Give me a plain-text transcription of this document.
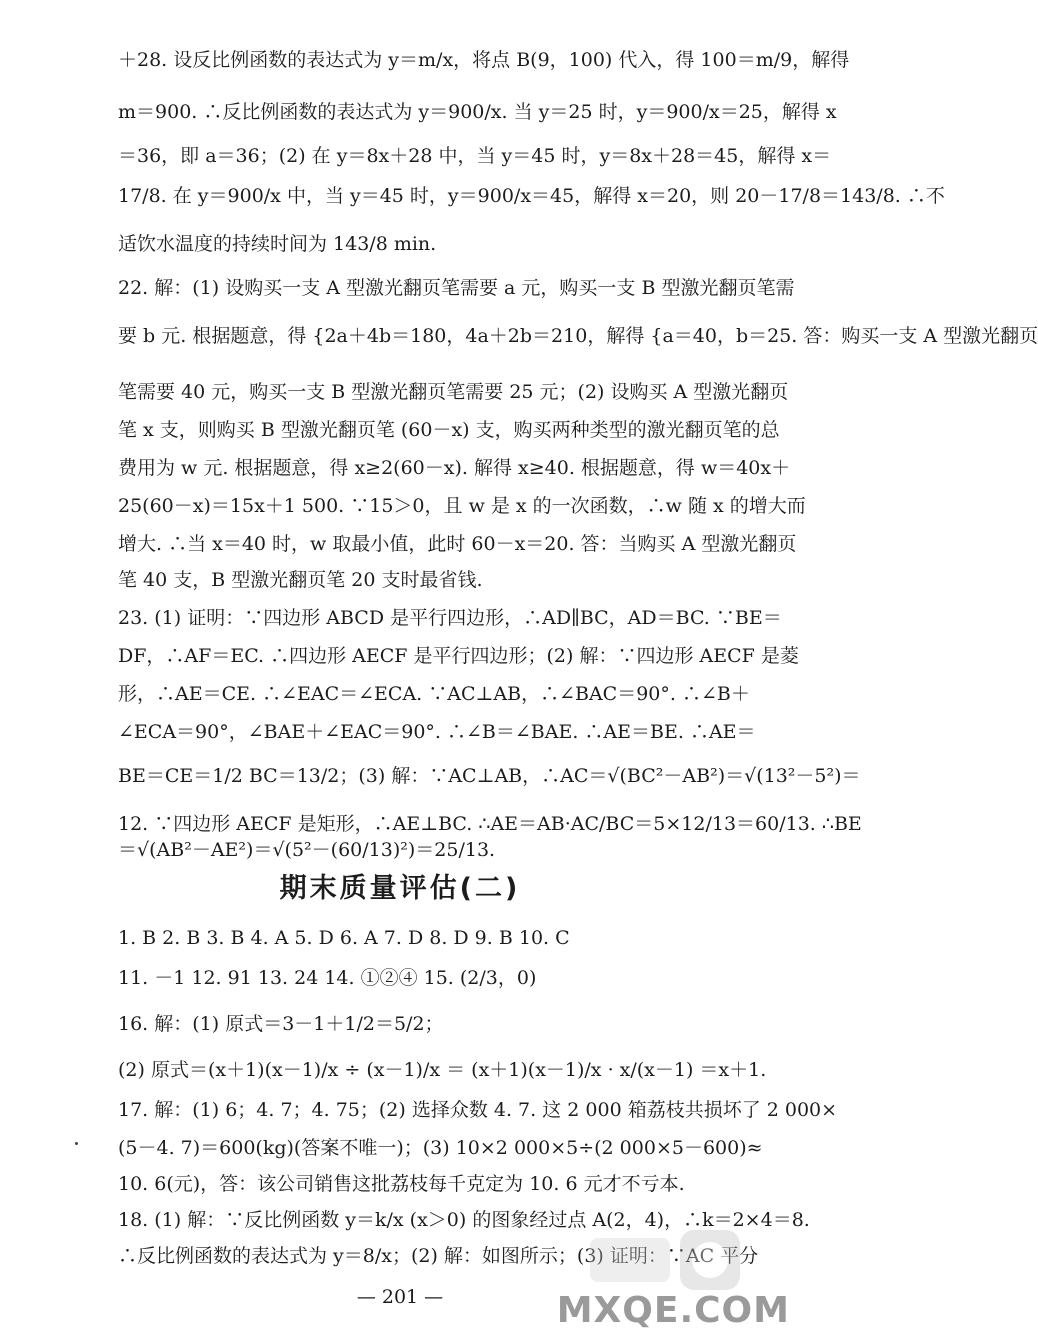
＋28. 设反比例函数的表达式为 y＝m/x，将点 B(9，100) 代入，得 100＝m/9，解得
m＝900. ∴反比例函数的表达式为 y＝900/x. 当 y＝25 时，y＝900/x＝25，解得 x
＝36，即 a＝36；(2) 在 y＝8x＋28 中，当 y＝45 时，y＝8x＋28＝45，解得 x＝
17/8. 在 y＝900/x 中，当 y＝45 时，y＝900/x＝45，解得 x＝20，则 20－17/8＝143/8. ∴不
适饮水温度的持续时间为 143/8 min.
22. 解：(1) 设购买一支 A 型激光翻页笔需要 a 元，购买一支 B 型激光翻页笔需
要 b 元. 根据题意，得 {2a＋4b＝180，4a＋2b＝210，解得 {a＝40，b＝25. 答：购买一支 A 型激光翻页
笔需要 40 元，购买一支 B 型激光翻页笔需要 25 元；(2) 设购买 A 型激光翻页
笔 x 支，则购买 B 型激光翻页笔 (60－x) 支，购买两种类型的激光翻页笔的总
费用为 w 元. 根据题意，得 x≥2(60－x). 解得 x≥40. 根据题意，得 w＝40x＋
25(60－x)＝15x＋1 500. ∵15＞0，且 w 是 x 的一次函数，∴w 随 x 的增大而
增大. ∴当 x＝40 时，w 取最小值，此时 60－x＝20. 答：当购买 A 型激光翻页
笔 40 支，B 型激光翻页笔 20 支时最省钱.
23. (1) 证明：∵四边形 ABCD 是平行四边形，∴AD∥BC，AD＝BC. ∵BE＝
DF，∴AF＝EC. ∴四边形 AECF 是平行四边形；(2) 解：∵四边形 AECF 是菱
形，∴AE＝CE. ∴∠EAC＝∠ECA. ∵AC⊥AB，∴∠BAC＝90°. ∴∠B＋
∠ECA＝90°，∠BAE＋∠EAC＝90°. ∴∠B＝∠BAE. ∴AE＝BE. ∴AE＝
BE＝CE＝1/2 BC＝13/2；(3) 解：∵AC⊥AB，∴AC＝√(BC²－AB²)＝√(13²－5²)＝
12. ∵四边形 AECF 是矩形，∴AE⊥BC. ∴AE＝AB·AC/BC＝5×12/13＝60/13. ∴BE
＝√(AB²－AE²)＝√(5²－(60/13)²)＝25/13.
期末质量评估(二)
1. B 2. B 3. B 4. A 5. D 6. A 7. D 8. D 9. B 10. C
11. －1 12. 91 13. 24 14. ①②④ 15. (2/3，0)
16. 解：(1) 原式＝3－1＋1/2＝5/2；
(2) 原式＝(x＋1)(x－1)/x ÷ (x－1)/x ＝ (x＋1)(x－1)/x · x/(x－1) ＝x＋1.
17. 解：(1) 6；4. 7；4. 75；(2) 选择众数 4. 7. 这 2 000 箱荔枝共损坏了 2 000×
(5－4. 7)＝600(kg)(答案不唯一)；(3) 10×2 000×5÷(2 000×5－600)≈
10. 6(元)，答：该公司销售这批荔枝每千克定为 10. 6 元才不亏本.
18. (1) 解：∵反比例函数 y＝k/x (x＞0) 的图象经过点 A(2，4)，∴k＝2×4＝8.
∴反比例函数的表达式为 y＝8/x；(2) 解：如图所示；(3) 证明：∵AC 平分
— 201 —	MXQE.COM
